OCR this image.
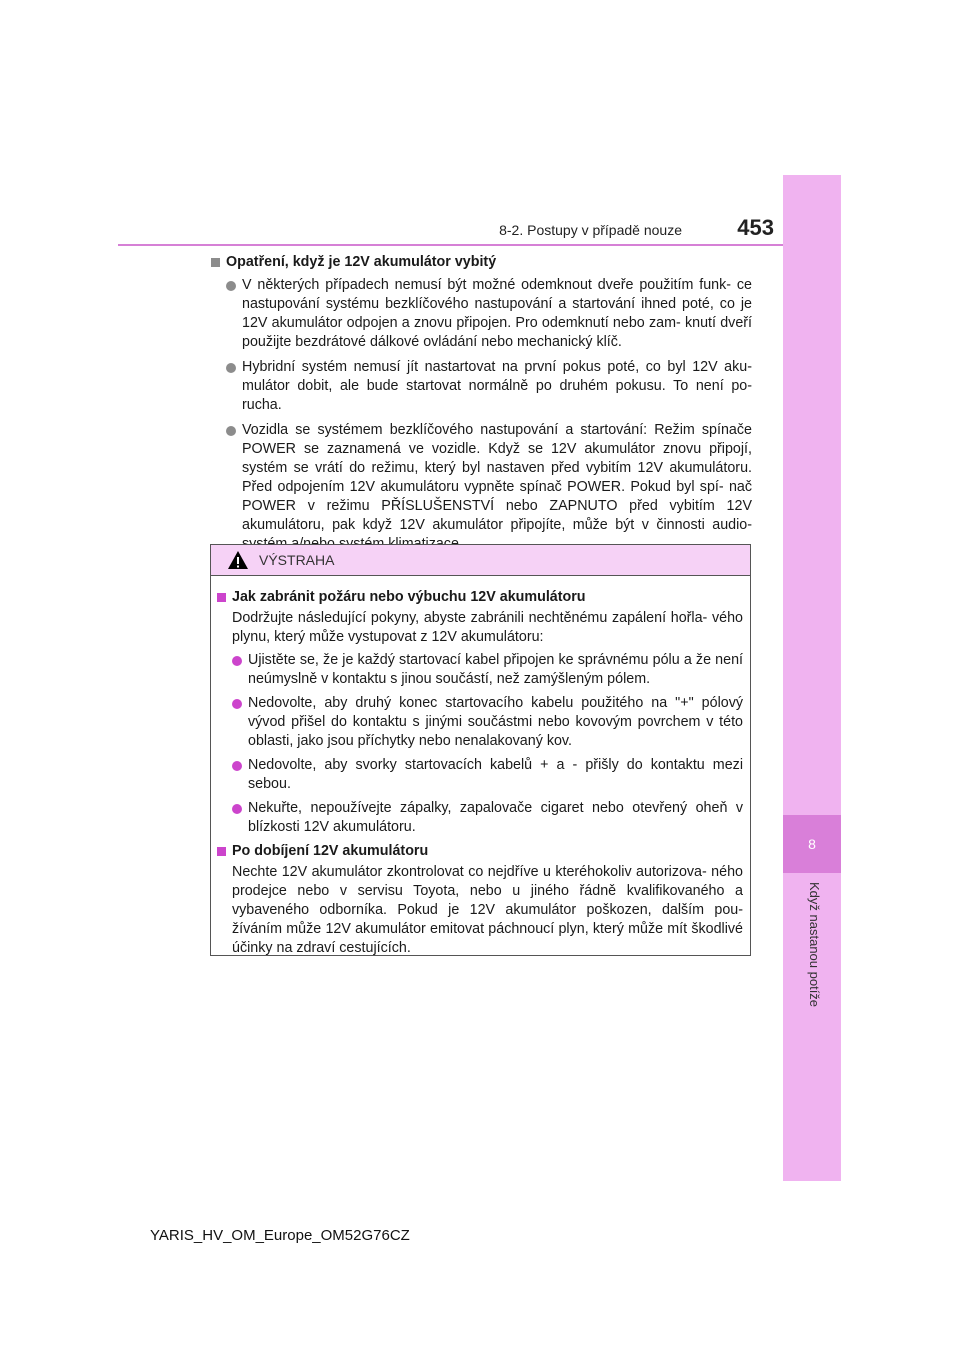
8
Když nastanou potíže
8-2. Postupy v případě nouze	453

Opatření, když je 12V akumulátor vybitý

V některých případech nemusí být možné odemknout dveře použitím funk- ce nastupování systému bezklíčového nastupování a startování ihned poté, co je 12V akumulátor odpojen a znovu připojen. Pro odemknutí nebo zam- knutí dveří použijte bezdrátové dálkové ovládání nebo mechanický klíč.

Hybridní systém nemusí jít nastartovat na první pokus poté, co byl 12V aku- mulátor dobit, ale bude startovat normálně po druhém pokusu. To není po- rucha.

Vozidla se systémem bezklíčového nastupování a startování: Režim spínače POWER se zaznamená ve vozidle. Když se 12V akumulátor znovu připojí, systém se vrátí do režimu, který byl nastaven před vybitím 12V akumulátoru. Před odpojením 12V akumulátoru vypněte spínač POWER. Pokud byl spí- nač POWER v režimu PŘÍSLUŠENSTVÍ nebo ZAPNUTO před vybitím 12V akumulátoru, pak když 12V akumulátor připojíte, může být v činnosti audio-

VÝSTRAHA

Jak zabránit požáru nebo výbuchu 12V akumulátoru

Dodržujte následující pokyny, abyste zabránili nechtěnému zapálení hořla- vého plynu, který může vystupovat z 12V akumulátoru:

Ujistěte se, že je každý startovací kabel připojen ke správnému pólu a že není neúmyslně v kontaktu s jinou součástí, než zamýšleným pólem.

Nedovolte, aby druhý konec startovacího kabelu použitého na "+" pólový vývod přišel do kontaktu s jinými součástmi nebo kovovým povrchem v této oblasti, jako jsou příchytky nebo nenalakovaný kov.

Nedovolte, aby svorky startovacích kabelů + a - přišly do kontaktu mezi sebou.

Nekuřte, nepoužívejte zápalky, zapalovače cigaret nebo otevřený oheň v blízkosti 12V akumulátoru.

Po dobíjení 12V akumulátoru

Nechte 12V akumulátor zkontrolovat co nejdříve u kteréhokoliv autorizova- ného prodejce nebo v servisu Toyota, nebo u jiného řádně kvalifikovaného a vybaveného odborníka. Pokud je 12V akumulátor poškozen, dalším pou- žíváním může 12V akumulátor emitovat páchnoucí plyn, který může mít škodlivé účinky na zdraví cestujících.

YARIS_HV_OM_Europe_OM52G76CZ
